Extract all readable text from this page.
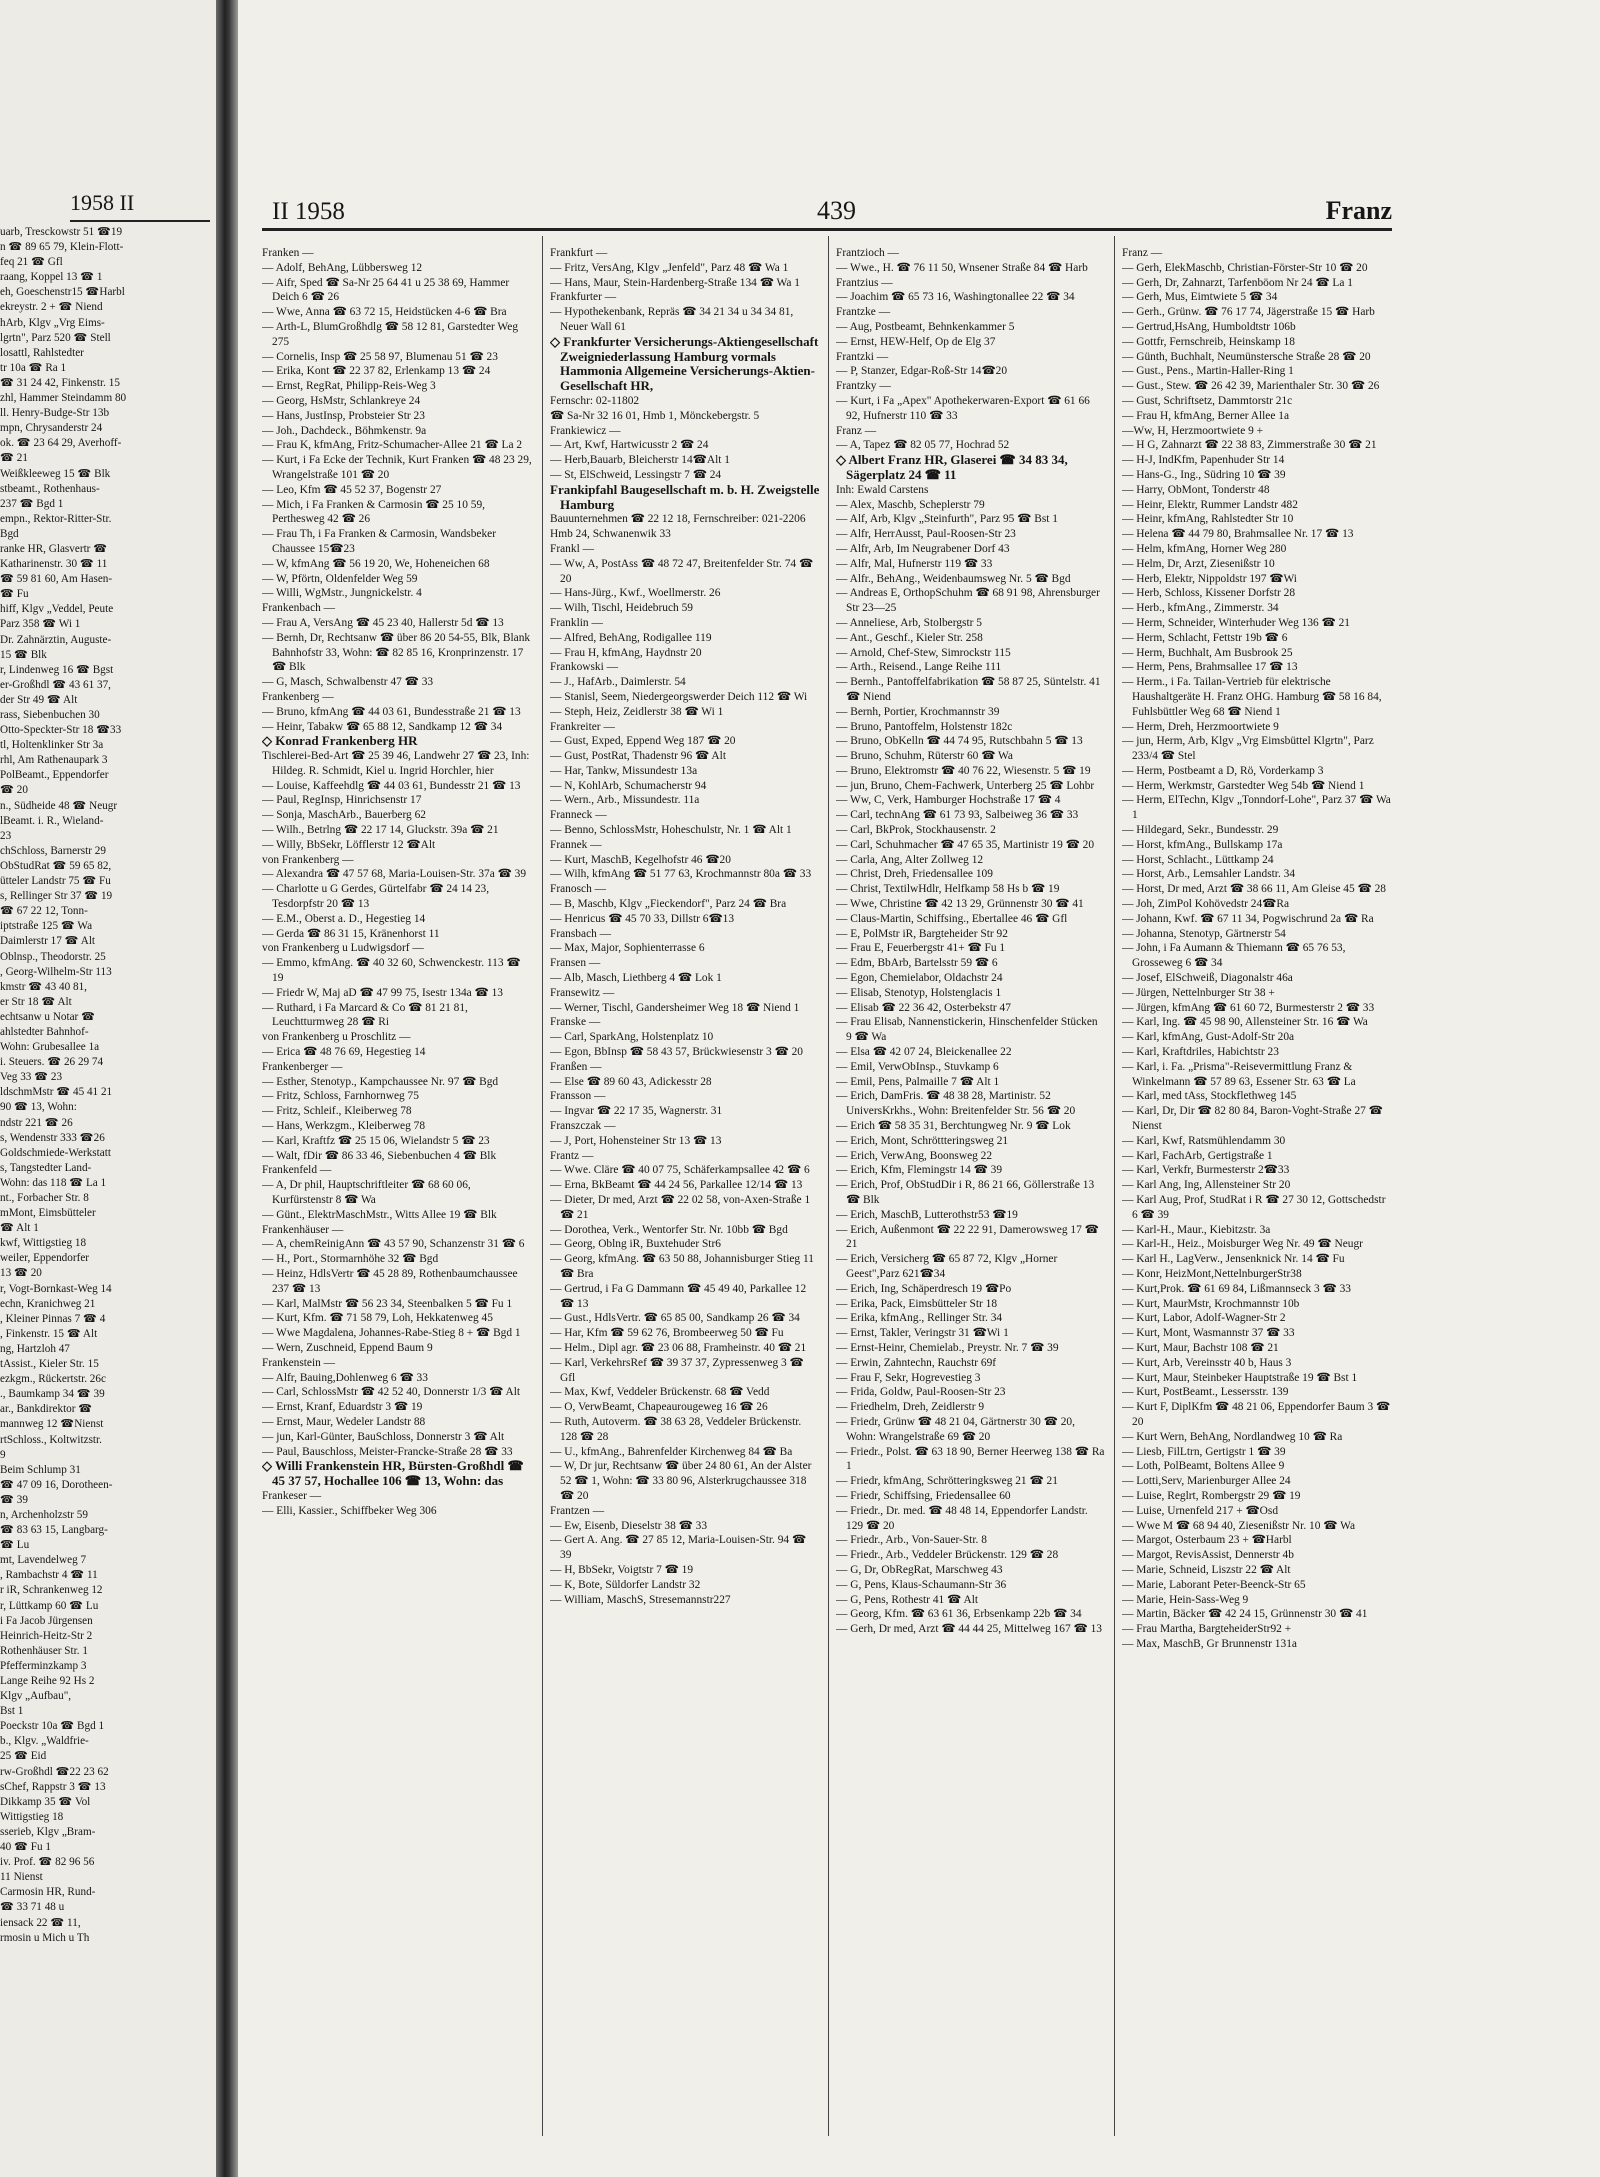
1958 II
uarb, Tresckowstr 51 ☎19
n ☎ 89 65 79, Klein-Flott-
feq 21 ☎ Gfl
raang, Koppel 13 ☎ 1
eh, Goeschenstr15 ☎Harbl
ekreystr. 2 + ☎ Niend
hArb, Klgv „Vrg Eims-
lgrtn", Parz 520 ☎ Stell
losattl, Rahlstedter
tr 10a ☎ Ra 1
☎ 31 24 42, Finkenstr. 15
zhl, Hammer Steindamm 80
ll. Henry-Budge-Str 13b
mpn, Chrysanderstr 24
ok. ☎ 23 64 29, Averhoff-
☎ 21
Weißkleeweg 15 ☎ Blk
stbeamt., Rothenhaus-
237 ☎ Bgd 1
empn., Rektor-Ritter-Str.
Bgd
ranke HR, Glasvertr ☎
Katharinenstr. 30 ☎ 11
☎ 59 81 60, Am Hasen-
☎ Fu
hiff, Klgv „Veddel, Peute
Parz 358 ☎ Wi 1
Dr. Zahnärztin, Auguste-
15 ☎ Blk
r, Lindenweg 16 ☎ Bgst
er-Großhdl ☎ 43 61 37,
der Str 49 ☎ Alt
rass, Siebenbuchen 30
Otto-Speckter-Str 18 ☎33
tl, Holtenklinker Str 3a
rhl, Am Rathenaupark 3
PolBeamt., Eppendorfer
☎ 20
n., Südheide 48 ☎ Neugr
lBeamt. i. R., Wieland-
23
chSchloss, Barnerstr 29
ObStudRat ☎ 59 65 82,
ütteler Landstr 75 ☎ Fu
s, Rellinger Str 37 ☎ 19
☎ 67 22 12, Tonn-
iptstraße 125 ☎ Wa
Daimlerstr 17 ☎ Alt
Oblnsp., Theodorstr. 25
, Georg-Wilhelm-Str 113
kmstr ☎ 43 40 81,
er Str 18 ☎ Alt
echtsanw u Notar ☎
ahlstedter Bahnhof-
Wohn: Grubesallee 1a
i. Steuers. ☎ 26 29 74
Veg 33 ☎ 23
ldschmMstr ☎ 45 41 21
90 ☎ 13, Wohn:
ndstr 221 ☎ 26
s, Wendenstr 333 ☎26
Goldschmiede-Werkstatt
s, Tangstedter Land-
Wohn: das 118 ☎ La 1
nt., Forbacher Str. 8
mMont, Eimsbütteler
☎ Alt 1
kwf, Wittigstieg 18
weiler, Eppendorfer
13 ☎ 20
r, Vogt-Bornkast-Weg 14
echn, Kranichweg 21
, Kleiner Pinnas 7 ☎ 4
, Finkenstr. 15 ☎ Alt
ng, Hartzloh 47
tAssist., Kieler Str. 15
ezkgm., Rückertstr. 26c
., Baumkamp 34 ☎ 39
ar., Bankdirektor ☎
mannweg 12 ☎Nienst
rtSchloss., Koltwitzstr.
9
Beim Schlump 31
☎ 47 09 16, Dorotheen-
☎ 39
n, Archenholzstr 59
☎ 83 63 15, Langbarg-
☎ Lu
mt, Lavendelweg 7
, Rambachstr 4 ☎ 11
r iR, Schrankenweg 12
r, Lüttkamp 60 ☎ Lu
i Fa Jacob Jürgensen
Heinrich-Heitz-Str 2
Rothenhäuser Str. 1
Pfefferminzkamp 3
Lange Reihe 92 Hs 2
Klgv „Aufbau",
Bst 1
Poeckstr 10a ☎ Bgd 1
b., Klgv. „Waldfrie-
25 ☎ Eid
rw-Großhdl ☎22 23 62
sChef, Rappstr 3 ☎ 13
Dikkamp 35 ☎ Vol
Wittigstieg 18
sserieb, Klgv „Bram-
40 ☎ Fu 1
iv. Prof. ☎ 82 96 56
11 Nienst
Carmosin HR, Rund-
☎ 33 71 48 u
iensack 22 ☎ 11,
rmosin u Mich u Th
II 1958	439	Franz
Franken —
— Adolf, BehAng, Lübbersweg 12
— Aifr, Sped ☎ Sa-Nr 25 64 41 u 25 38 69, Hammer Deich 6 ☎ 26
— Wwe, Anna ☎ 63 72 15, Heidstücken 4-6 ☎ Bra
— Arth-L, BlumGroßhdlg ☎ 58 12 81, Garstedter Weg 275
— Cornelis, Insp ☎ 25 58 97, Blumenau 51 ☎ 23
— Erika, Kont ☎ 22 37 82, Erlenkamp 13 ☎ 24
— Ernst, RegRat, Philipp-Reis-Weg 3
— Georg, HsMstr, Schlankreye 24
— Hans, JustInsp, Probsteier Str 23
— Joh., Dachdeck., Böhmkenstr. 9a
— Frau K, kfmAng, Fritz-Schumacher-Allee 21 ☎ La 2
— Kurt, i Fa Ecke der Technik, Kurt Franken ☎ 48 23 29, Wrangelstraße 101 ☎ 20
— Leo, Kfm ☎ 45 52 37, Bogenstr 27
— Mich, i Fa Franken & Carmosin ☎ 25 10 59, Perthesweg 42 ☎ 26
— Frau Th, i Fa Franken & Carmosin, Wandsbeker Chaussee 15☎23
— W, kfmAng ☎ 56 19 20, We, Hoheneichen 68
— W, Pförtn, Oldenfelder Weg 59
— Willi, WgMstr., Jungnickelstr. 4
Frankenbach —
— Frau A, VersAng ☎ 45 23 40, Hallerstr 5d ☎ 13
— Bernh, Dr, Rechtsanw ☎ über 86 20 54-55, Blk, Blank Bahnhofstr 33, Wohn: ☎ 82 85 16, Kronprinzenstr. 17 ☎ Blk
— G, Masch, Schwalbenstr 47 ☎ 33
Frankenberg —
— Bruno, kfmAng ☎ 44 03 61, Bundesstraße 21 ☎ 13
— Heinr, Tabakw ☎ 65 88 12, Sandkamp 12 ☎ 34
◇ Konrad Frankenberg HR
Tischlerei-Bed-Art ☎ 25 39 46, Landwehr 27 ☎ 23, Inh: Hildeg. R. Schmidt, Kiel u. Ingrid Horchler, hier
— Louise, Kaffeehdlg ☎ 44 03 61, Bundesstr 21 ☎ 13
— Paul, RegInsp, Hinrichsenstr 17
— Sonja, MaschArb., Bauerberg 62
— Wilh., Betrlng ☎ 22 17 14, Gluckstr. 39a ☎ 21
— Willy, BbSekr, Löfflerstr 12 ☎Alt
von Frankenberg —
— Alexandra ☎ 47 57 68, Maria-Louisen-Str. 37a ☎ 39
— Charlotte u G Gerdes, Gürtelfabr ☎ 24 14 23, Tesdorpfstr 20 ☎ 13
— E.M., Oberst a. D., Hegestieg 14
— Gerda ☎ 86 31 15, Kränenhorst 11
von Frankenberg u Ludwigsdorf —
— Emmo, kfmAng. ☎ 40 32 60, Schwenckestr. 113 ☎ 19
— Friedr W, Maj aD ☎ 47 99 75, Isestr 134a ☎ 13
— Ruthard, i Fa Marcard & Co ☎ 81 21 81, Leuchtturmweg 28 ☎ Ri
von Frankenberg u Proschlitz —
— Erica ☎ 48 76 69, Hegestieg 14
Frankenberger —
— Esther, Stenotyp., Kampchaussee Nr. 97 ☎ Bgd
— Fritz, Schloss, Farnhornweg 75
— Fritz, Schleif., Kleiberweg 78
— Hans, Werkzgm., Kleiberweg 78
— Karl, Kraftfz ☎ 25 15 06, Wielandstr 5 ☎ 23
— Walt, fDir ☎ 86 33 46, Siebenbuchen 4 ☎ Blk
Frankenfeld —
— A, Dr phil, Hauptschriftleiter ☎ 68 60 06, Kurfürstenstr 8 ☎ Wa
— Günt., ElektrMaschMstr., Witts Allee 19 ☎ Blk
Frankenhäuser —
— A, chemReinigAnn ☎ 43 57 90, Schanzenstr 31 ☎ 6
— H., Port., Stormarnhöhe 32 ☎ Bgd
— Heinz, HdlsVertr ☎ 45 28 89, Rothenbaumchaussee 237 ☎ 13
— Karl, MalMstr ☎ 56 23 34, Steenbalken 5 ☎ Fu 1
— Kurt, Kfm. ☎ 71 58 79, Loh, Hekkatenweg 45
— Wwe Magdalena, Johannes-Rabe-Stieg 8 + ☎ Bgd 1
— Wern, Zuschneid, Eppend Baum 9
Frankenstein —
— Alfr, Bauing,Dohlenweg 6 ☎ 33
— Carl, SchlossMstr ☎ 42 52 40, Donnerstr 1/3 ☎ Alt
— Ernst, Kranf, Eduardstr 3 ☎ 19
— Ernst, Maur, Wedeler Landstr 88
— jun, Karl-Günter, BauSchloss, Donnerstr 3 ☎ Alt
— Paul, Bauschloss, Meister-Francke-Straße 28 ☎ 33
◇ Willi Frankenstein HR, Bürsten-Großhdl ☎ 45 37 57, Hochallee 106 ☎ 13, Wohn: das
Frankeser —
— Elli, Kassier., Schiffbeker Weg 306
Frankfurt —
— Fritz, VersAng, Klgv „Jenfeld", Parz 48 ☎ Wa 1
— Hans, Maur, Stein-Hardenberg-Straße 134 ☎ Wa 1
Frankfurter —
— Hypothekenbank, Repräs ☎ 34 21 34 u 34 34 81, Neuer Wall 61
◇ Frankfurter Versicherungs-Aktiengesellschaft Zweigniederlassung Hamburg vormals Hammonia Allgemeine Versicherungs-Aktien-Gesellschaft HR,
Fernschr: 02-11802
☎ Sa-Nr 32 16 01, Hmb 1, Mönckebergstr. 5
Frankiewicz —
— Art, Kwf, Hartwicusstr 2 ☎ 24
— Herb,Bauarb, Bleicherstr 14☎Alt 1
— St, ElSchweid, Lessingstr 7 ☎ 24
Frankipfahl Baugesellschaft m. b. H. Zweigstelle Hamburg
Bauunternehmen ☎ 22 12 18, Fernschreiber: 021-2206
Hmb 24, Schwanenwik 33
Frankl —
— Ww, A, PostAss ☎ 48 72 47, Breitenfelder Str. 74 ☎ 20
— Hans-Jürg., Kwf., Woellmerstr. 26
— Wilh, Tischl, Heidebruch 59
Franklin —
— Alfred, BehAng, Rodigallee 119
— Frau H, kfmAng, Haydnstr 20
Frankowski —
— J., HafArb., Daimlerstr. 54
— Stanisl, Seem, Niedergeorgswerder Deich 112 ☎ Wi
— Steph, Heiz, Zeidlerstr 38 ☎ Wi 1
Frankreiter —
— Gust, Exped, Eppend Weg 187 ☎ 20
— Gust, PostRat, Thadenstr 96 ☎ Alt
— Har, Tankw, Missundestr 13a
— N, KohlArb, Schumacherstr 94
— Wern., Arb., Missundestr. 11a
Franneck —
— Benno, SchlossMstr, Hoheschulstr, Nr. 1 ☎ Alt 1
Frannek —
— Kurt, MaschB, Kegelhofstr 46 ☎20
— Wilh, kfmAng ☎ 51 77 63, Krochmannstr 80a ☎ 33
Franosch —
— B, Maschb, Klgv „Fieckendorf", Parz 24 ☎ Bra
— Henricus ☎ 45 70 33, Dillstr 6☎13
Fransbach —
— Max, Major, Sophienterrasse 6
Fransen —
— Alb, Masch, Liethberg 4 ☎ Lok 1
Fransewitz —
— Werner, Tischl, Gandersheimer Weg 18 ☎ Niend 1
Franske —
— Carl, SparkAng, Holstenplatz 10
— Egon, BbInsp ☎ 58 43 57, Brückwiesenstr 3 ☎ 20
Franßen —
— Else ☎ 89 60 43, Adickesstr 28
Fransson —
— Ingvar ☎ 22 17 35, Wagnerstr. 31
Franszczak —
— J, Port, Hohensteiner Str 13 ☎ 13
Frantz —
— Wwe. Cläre ☎ 40 07 75, Schäferkampsallee 42 ☎ 6
— Erna, BkBeamt ☎ 44 24 56, Parkallee 12/14 ☎ 13
— Dieter, Dr med, Arzt ☎ 22 02 58, von-Axen-Straße 1 ☎ 21
— Dorothea, Verk., Wentorfer Str. Nr. 10bb ☎ Bgd
— Georg, Oblng iR, Buxtehuder Str6
— Georg, kfmAng. ☎ 63 50 88, Johannisburger Stieg 11 ☎ Bra
— Gertrud, i Fa G Dammann ☎ 45 49 40, Parkallee 12 ☎ 13
— Gust., HdlsVertr. ☎ 65 85 00, Sandkamp 26 ☎ 34
— Har, Kfm ☎ 59 62 76, Brombeerweg 50 ☎ Fu
— Helm., Dipl agr. ☎ 23 06 88, Framheinstr. 40 ☎ 21
— Karl, VerkehrsRef ☎ 39 37 37, Zypressenweg 3 ☎ Gfl
— Max, Kwf, Veddeler Brückenstr. 68 ☎ Vedd
— O, VerwBeamt, Chapeaurougeweg 16 ☎ 26
— Ruth, Autoverm. ☎ 38 63 28, Veddeler Brückenstr. 128 ☎ 28
— U., kfmAng., Bahrenfelder Kirchenweg 84 ☎ Ba
— W, Dr jur, Rechtsanw ☎ über 24 80 61, An der Alster 52 ☎ 1, Wohn: ☎ 33 80 96, Alsterkrugchaussee 318 ☎ 20
Frantzen —
— Ew, Eisenb, Dieselstr 38 ☎ 33
— Gert A. Ang. ☎ 27 85 12, Maria-Louisen-Str. 94 ☎ 39
— H, BbSekr, Voigtstr 7 ☎ 19
— K, Bote, Süldorfer Landstr 32
— William, MaschS, Stresemannstr227
Frantzioch —
— Wwe., H. ☎ 76 11 50, Wnsener Straße 84 ☎ Harb
Frantzius —
— Joachim ☎ 65 73 16, Washingtonallee 22 ☎ 34
Frantzke —
— Aug, Postbeamt, Behnkenkammer 5
— Ernst, HEW-Helf, Op de Elg 37
Frantzki —
— P, Stanzer, Edgar-Roß-Str 14☎20
Frantzky —
— Kurt, i Fa „Apex" Apothekerwaren-Export ☎ 61 66 92, Hufnerstr 110 ☎ 33
Franz —
— A, Tapez ☎ 82 05 77, Hochrad 52
◇ Albert Franz HR, Glaserei ☎ 34 83 34, Sägerplatz 24 ☎ 11
Inh: Ewald Carstens
— Alex, Maschb, Scheplerstr 79
— Alf, Arb, Klgv „Steinfurth", Parz 95 ☎ Bst 1
— Alfr, HerrAusst, Paul-Roosen-Str 23
— Alfr, Arb, Im Neugrabener Dorf 43
— Alfr, Mal, Hufnerstr 119 ☎ 33
— Alfr., BehAng., Weidenbaumsweg Nr. 5 ☎ Bgd
— Andreas E, OrthopSchuhm ☎ 68 91 98, Ahrensburger Str 23—25
— Anneliese, Arb, Stolbergstr 5
— Ant., Geschf., Kieler Str. 258
— Arnold, Chef-Stew, Simrockstr 115
— Arth., Reisend., Lange Reihe 111
— Bernh., Pantoffelfabrikation ☎ 58 87 25, Süntelstr. 41 ☎ Niend
— Bernh, Portier, Krochmannstr 39
— Bruno, Pantoffelm, Holstenstr 182c
— Bruno, ObKelln ☎ 44 74 95, Rutschbahn 5 ☎ 13
— Bruno, Schuhm, Rüterstr 60 ☎ Wa
— Bruno, Elektromstr ☎ 40 76 22, Wiesenstr. 5 ☎ 19
— jun, Bruno, Chem-Fachwerk, Unterberg 25 ☎ Lohbr
— Ww, C, Verk, Hamburger Hochstraße 17 ☎ 4
— Carl, technAng ☎ 61 73 93, Salbeiweg 36 ☎ 33
— Carl, BkProk, Stockhausenstr. 2
— Carl, Schuhmacher ☎ 47 65 35, Martinistr 19 ☎ 20
— Carla, Ang, Alter Zollweg 12
— Christ, Dreh, Friedensallee 109
— Christ, TextilwHdlr, Helfkamp 58 Hs b ☎ 19
— Wwe, Christine ☎ 42 13 29, Grünnenstr 30 ☎ 41
— Claus-Martin, Schiffsing., Ebertallee 46 ☎ Gfl
— E, PolMstr iR, Bargteheider Str 92
— Frau E, Feuerbergstr 41+ ☎ Fu 1
— Edm, BbArb, Bartelsstr 59 ☎ 6
— Egon, Chemielabor, Oldachstr 24
— Elisab, Stenotyp, Holstenglacis 1
— Elisab ☎ 22 36 42, Osterbekstr 47
— Frau Elisab, Nannenstickerin, Hinschenfelder Stücken 9 ☎ Wa
— Elsa ☎ 42 07 24, Bleickenallee 22
— Emil, VerwObInsp., Stuvkamp 6
— Emil, Pens, Palmaille 7 ☎ Alt 1
— Erich, DamFris. ☎ 48 38 28, Martinistr. 52 UniversKrkhs., Wohn: Breitenfelder Str. 56 ☎ 20
— Erich ☎ 58 35 31, Berchtungweg Nr. 9 ☎ Lok
— Erich, Mont, Schröttteringsweg 21
— Erich, VerwAng, Boonsweg 22
— Erich, Kfm, Flemingstr 14 ☎ 39
— Erich, Prof, ObStudDir i R, 86 21 66, Göllerstraße 13 ☎ Blk
— Erich, MaschB, Lutterothstr53 ☎19
— Erich, Außenmont ☎ 22 22 91, Damerowsweg 17 ☎ 21
— Erich, Versicherg ☎ 65 87 72, Klgv „Horner Geest",Parz 621☎34
— Erich, Ing, Schäperdresch 19 ☎Po
— Erika, Pack, Eimsbütteler Str 18
— Erika, kfmAng., Rellinger Str. 34
— Ernst, Takler, Veringstr 31 ☎Wi 1
— Ernst-Heinr, Chemielab., Preystr. Nr. 7 ☎ 39
— Erwin, Zahntechn, Rauchstr 69f
— Frau F, Sekr, Hogrevestieg 3
— Frida, Goldw, Paul-Roosen-Str 23
— Friedhelm, Dreh, Zeidlerstr 9
— Friedr, Grünw ☎ 48 21 04, Gärtnerstr 30 ☎ 20, Wohn: Wrangelstraße 69 ☎ 20
— Friedr., Polst. ☎ 63 18 90, Berner Heerweg 138 ☎ Ra 1
— Friedr, kfmAng, Schrötteringksweg 21 ☎ 21
— Friedr, Schiffsing, Friedensallee 60
— Friedr., Dr. med. ☎ 48 48 14, Eppendorfer Landstr. 129 ☎ 20
— Friedr., Arb., Von-Sauer-Str. 8
— Friedr., Arb., Veddeler Brückenstr. 129 ☎ 28
— G, Dr, ObRegRat, Marschweg 43
— G, Pens, Klaus-Schaumann-Str 36
— G, Pens, Rothestr 41 ☎ Alt
— Georg, Kfm. ☎ 63 61 36, Erbsenkamp 22b ☎ 34
— Gerh, Dr med, Arzt ☎ 44 44 25, Mittelweg 167 ☎ 13
Franz —
— Gerh, ElekMaschb, Christian-Förster-Str 10 ☎ 20
— Gerh, Dr, Zahnarzt, Tarfenböom Nr 24 ☎ La 1
— Gerh, Mus, Eimtwiete 5 ☎ 34
— Gerh., Grünw. ☎ 76 17 74, Jägerstraße 15 ☎ Harb
— Gertrud,HsAng, Humboldtstr 106b
— Gottfr, Fernschreib, Heinskamp 18
— Günth, Buchhalt, Neumünstersche Straße 28 ☎ 20
— Gust., Pens., Martin-Haller-Ring 1
— Gust., Stew. ☎ 26 42 39, Marienthaler Str. 30 ☎ 26
— Gust, Schriftsetz, Dammtorstr 21c
— Frau H, kfmAng, Berner Allee 1a
—Ww, H, Herzmoortwiete 9 +
— H G, Zahnarzt ☎ 22 38 83, Zimmerstraße 30 ☎ 21
— H-J, IndKfm, Papenhuder Str 14
— Hans-G., Ing., Südring 10 ☎ 39
— Harry, ObMont, Tonderstr 48
— Heinr, Elektr, Rummer Landstr 482
— Heinr, kfmAng, Rahlstedter Str 10
— Helena ☎ 44 79 80, Brahmsallee Nr. 17 ☎ 13
— Helm, kfmAng, Horner Weg 280
— Helm, Dr, Arzt, Ziesenißstr 10
— Herb, Elektr, Nippoldstr 197 ☎Wi
— Herb, Schloss, Kissener Dorfstr 28
— Herb., kfmAng., Zimmerstr. 34
— Herm, Schneider, Winterhuder Weg 136 ☎ 21
— Herm, Schlacht, Fettstr 19b ☎ 6
— Herm, Buchhalt, Am Busbrook 25
— Herm, Pens, Brahmsallee 17 ☎ 13
— Herm., i Fa. Tailan-Vertrieb für elektrische Haushaltgeräte H. Franz OHG. Hamburg ☎ 58 16 84, Fuhlsbüttler Weg 68 ☎ Niend 1
— Herm, Dreh, Herzmoortwiete 9
— jun, Herm, Arb, Klgv „Vrg Eimsbüttel Klgrtn", Parz 233/4 ☎ Stel
— Herm, Postbeamt a D, Rö, Vorderkamp 3
— Herm, Werkmstr, Garstedter Weg 54b ☎ Niend 1
— Herm, ElTechn, Klgv „Tonndorf-Lohe", Parz 37 ☎ Wa 1
— Hildegard, Sekr., Bundesstr. 29
— Horst, kfmAng., Bullskamp 17a
— Horst, Schlacht., Lüttkamp 24
— Horst, Arb., Lemsahler Landstr. 34
— Horst, Dr med, Arzt ☎ 38 66 11, Am Gleise 45 ☎ 28
— Joh, ZimPol Kohövedstr 24☎Ra
— Johann, Kwf. ☎ 67 11 34, Pogwischrund 2a ☎ Ra
— Johanna, Stenotyp, Gärtnerstr 54
— John, i Fa Aumann & Thiemann ☎ 65 76 53, Grosseweg 6 ☎ 34
— Josef, ElSchweiß, Diagonalstr 46a
— Jürgen, Nettelnburger Str 38 +
— Jürgen, kfmAng ☎ 61 60 72, Burmesterstr 2 ☎ 33
— Karl, Ing. ☎ 45 98 90, Allensteiner Str. 16 ☎ Wa
— Karl, kfmAng, Gust-Adolf-Str 20a
— Karl, Kraftdriles, Habichtstr 23
— Karl, i. Fa. „Prisma"-Reisevermittlung Franz & Winkelmann ☎ 57 89 63, Essener Str. 63 ☎ La
— Karl, med tAss, Stockflethweg 145
— Karl, Dr, Dir ☎ 82 80 84, Baron-Voght-Straße 27 ☎ Nienst
— Karl, Kwf, Ratsmühlendamm 30
— Karl, FachArb, Gertigstraße 1
— Karl, Verkfr, Burmesterstr 2☎33
— Karl Ang, Ing, Allensteiner Str 20
— Karl Aug, Prof, StudRat i R ☎ 27 30 12, Gottschedstr 6 ☎ 39
— Karl-H., Maur., Kiebitzstr. 3a
— Karl-H., Heiz., Moisburger Weg Nr. 49 ☎ Neugr
— Karl H., LagVerw., Jensenknick Nr. 14 ☎ Fu
— Konr, HeizMont,NettelnburgerStr38
— Kurt,Prok. ☎ 61 69 84, Lißmannseck 3 ☎ 33
— Kurt, MaurMstr, Krochmannstr 10b
— Kurt, Labor, Adolf-Wagner-Str 2
— Kurt, Mont, Wasmannstr 37 ☎ 33
— Kurt, Maur, Bachstr 108 ☎ 21
— Kurt, Arb, Vereinsstr 40 b, Haus 3
— Kurt, Maur, Steinbeker Hauptstraße 19 ☎ Bst 1
— Kurt, PostBeamt., Lessersstr. 139
— Kurt F, DiplKfm ☎ 48 21 06, Eppendorfer Baum 3 ☎ 20
— Kurt Wern, BehAng, Nordlandweg 10 ☎ Ra
— Liesb, FilLtrn, Gertigstr 1 ☎ 39
— Loth, PolBeamt, Boltens Allee 9
— Lotti,Serv, Marienburger Allee 24
— Luise, Reglrt, Rombergstr 29 ☎ 19
— Luise, Urnenfeld 217 + ☎Osd
— Wwe M ☎ 68 94 40, Ziesenißstr Nr. 10 ☎ Wa
— Margot, Osterbaum 23 + ☎Harbl
— Margot, RevisAssist, Dennerstr 4b
— Marie, Schneid, Liszstr 22 ☎ Alt
— Marie, Laborant Peter-Beenck-Str 65
— Marie, Hein-Sass-Weg 9
— Martin, Bäcker ☎ 42 24 15, Grünnenstr 30 ☎ 41
— Frau Martha, BargteheiderStr92 +
— Max, MaschB, Gr Brunnenstr 131a
